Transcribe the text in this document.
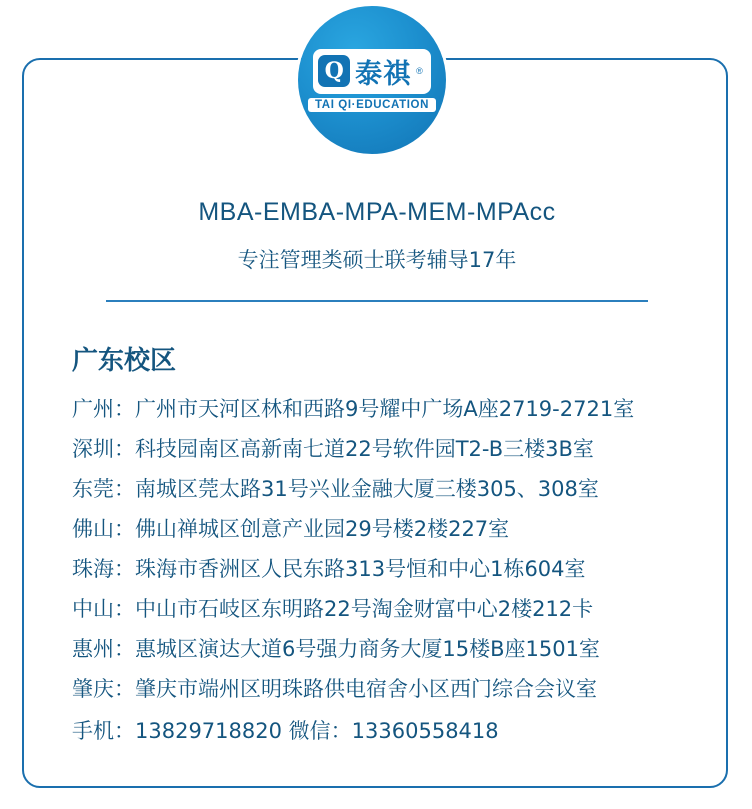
MBA-EMBA-MPA-MEM-MPAcc
专注管理类硕士联考辅导17年
广东校区
广州：广州市天河区林和西路9号耀中广场A座2719-2721室
深圳：科技园南区高新南七道22号软件园T2-B三楼3B室
东莞：南城区莞太路31号兴业金融大厦三楼305、308室
佛山：佛山禅城区创意产业园29号楼2楼227室
珠海：珠海市香洲区人民东路313号恒和中心1栋604室
中山：中山市石岐区东明路22号淘金财富中心2楼212卡
惠州：惠城区演达大道6号强力商务大厦15楼B座1501室
肇庆：肇庆市端州区明珠路供电宿舍小区西门综合会议室
手机：13829718820 微信：13360558418
Q 泰祺 ®
TAI QI·EDUCATION
